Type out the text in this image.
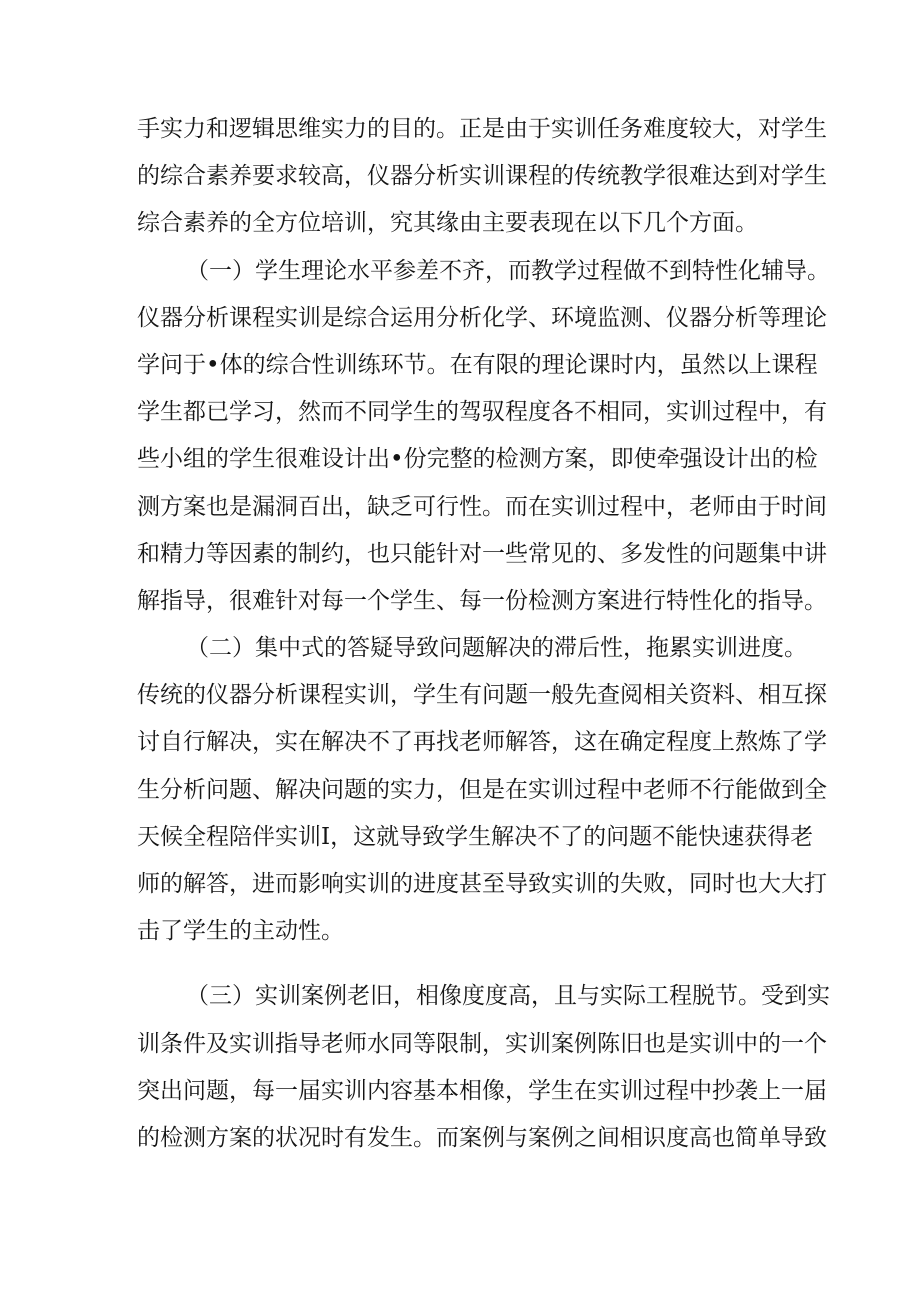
手实力和逻辑思维实力的目的。正是由于实训任务难度较大，对学生
的综合素养要求较高，仪器分析实训课程的传统教学很难达到对学生
综合素养的全方位培训，究其缘由主要表现在以下几个方面。
（一）学生理论水平参差不齐，而教学过程做不到特性化辅导。
仪器分析课程实训是综合运用分析化学、环境监测、仪器分析等理论
学问于•体的综合性训练环节。在有限的理论课时内，虽然以上课程
学生都已学习，然而不同学生的驾驭程度各不相同，实训过程中，有
些小组的学生很难设计出•份完整的检测方案，即使牵强设计出的检
测方案也是漏洞百出，缺乏可行性。而在实训过程中，老师由于时间
和精力等因素的制约，也只能针对一些常见的、多发性的问题集中讲
解指导，很难针对每一个学生、每一份检测方案进行特性化的指导。
（二）集中式的答疑导致问题解决的滞后性，拖累实训进度。
传统的仪器分析课程实训，学生有问题一般先查阅相关资料、相互探
讨自行解决，实在解决不了再找老师解答，这在确定程度上熬炼了学
生分析问题、解决问题的实力，但是在实训过程中老师不行能做到全
天候全程陪伴实训I，这就导致学生解决不了的问题不能快速获得老
师的解答，进而影响实训的进度甚至导致实训的失败，同时也大大打
击了学生的主动性。
（三）实训案例老旧，相像度度高，且与实际工程脱节。受到实
训条件及实训指导老师水同等限制，实训案例陈旧也是实训中的一个
突出问题，每一届实训内容基本相像，学生在实训过程中抄袭上一届
的检测方案的状况时有发生。而案例与案例之间相识度高也简单导致
